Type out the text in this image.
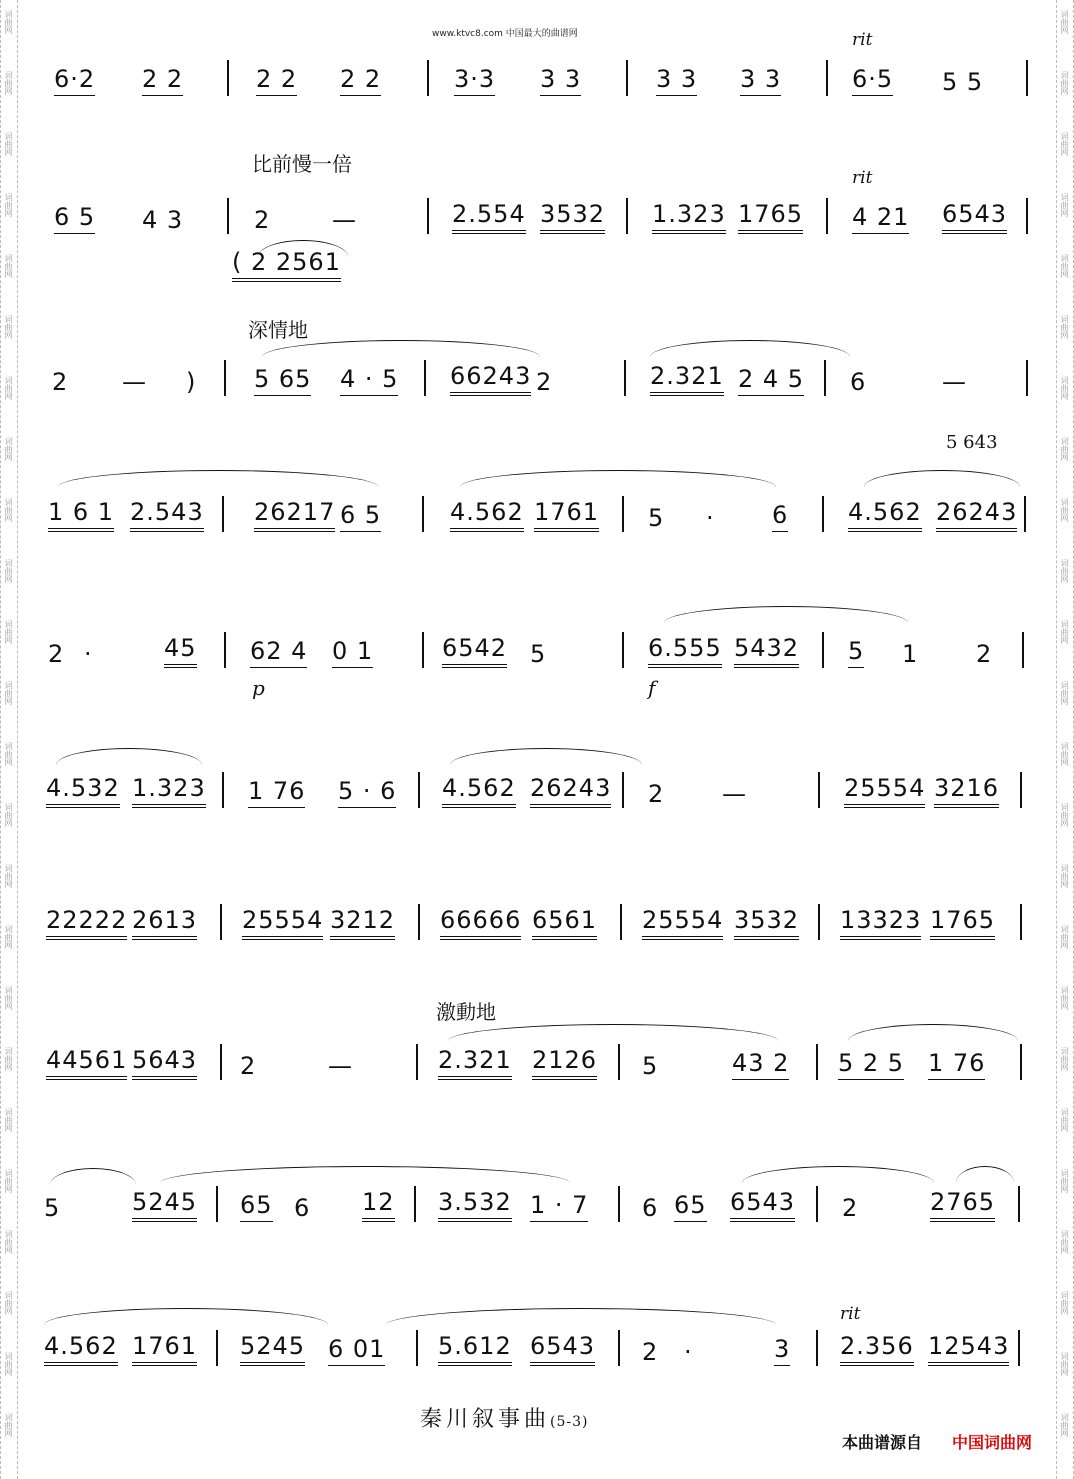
词曲网
词曲网
词曲网
词曲网
词曲网
词曲网
词曲网
词曲网
词曲网
词曲网
词曲网
词曲网
词曲网
词曲网
词曲网
词曲网
词曲网
词曲网
词曲网
词曲网
词曲网
词曲网
词曲网
词曲网
词曲网
词曲网
词曲网
词曲网
词曲网
词曲网
词曲网
词曲网
词曲网
词曲网
词曲网
词曲网
词曲网
词曲网
词曲网
词曲网
词曲网
词曲网
词曲网
词曲网
词曲网
词曲网
词曲网
词曲网
www.ktvc8.com 中国最大的曲谱网
6·2 2 2	2 2 2 2	3·3 3 3	3 3 3 3
rit
6·5 5 5
比前慢一倍
rit
6 5 4 3	2	—	2.554 3532 1.323 1765 4 21 6543
( 2 2561
深情地
2 — ) 5 65 4 · 5 66243 2	2.321 2 4 5 6	—
5 643
1 6 1 2.543 26217 6 5	4.562 1761 5 · 6 4.562 26243
2 ·	45 62 4 0 1	6542 5	6.555 5432 5 1 2
p	f
4.532 1.323 1 76 5 · 6 4.562 26243 2 —	25554 3216
22222 2613 25554 3212 66666 6561 25554 3532 13323 1765
激動地
44561 5643 2	—	2.321 2126 5	43 2 5 2 5 1 76
5	5245 65 6 12 3.532 1 · 7 6 65 6543 2	2765
rit
4.562 1761 5245 6 01 5.612 6543 2 ·	3 2.356 12543
秦川叙事曲(5-3)
本曲谱源自 中国词曲网
